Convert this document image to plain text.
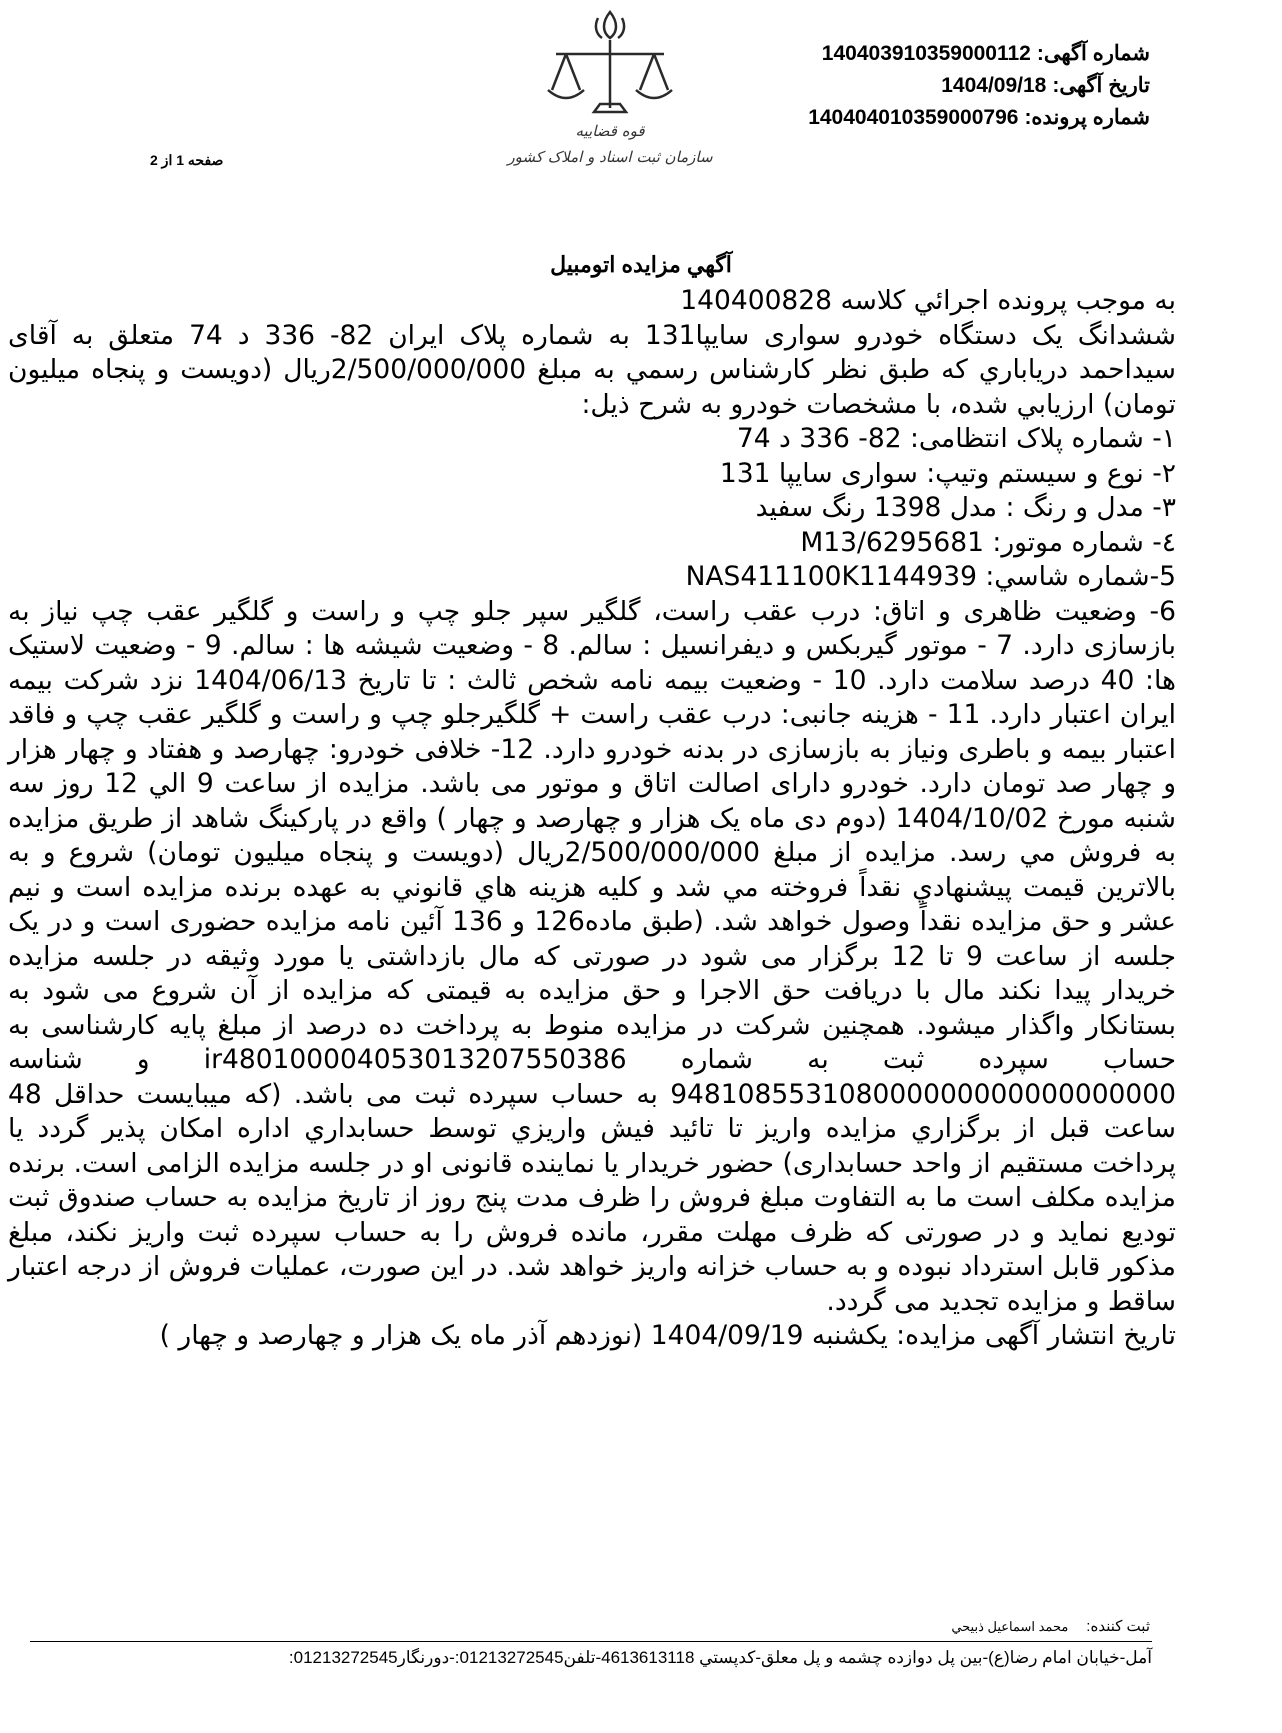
شماره آگهی:14040391035900011​2
تاریخ آگهی:1404/09/18
شماره پرونده:140404010359000796
صفحه 1 از 2
قوه قضاییه
سازمان ثبت اسناد و املاک کشور
آگهي مزايده اتومبيل

به موجب پرونده اجرائي كلاسه 140400828

ششدانگ یک دستگاه خودرو سواری سایپا131 به شماره پلاک ایران 82- 336 د 74 متعلق به آقای سیداحمد دریاباري كه طبق نظر كارشناس رسمي به مبلغ 2/500/000/000ریال (دویست و پنجاه میلیون تومان) ارزيابي شده، با مشخصات خودرو به شرح ذیل:

۱- شماره پلاک انتظامی: 82- 336 د 74

۲- نوع و سیستم وتیپ: سواری سایپا 131

۳- مدل و رنگ : مدل 1398 رنگ سفید

٤- شماره موتور: M13/6295681

5-شماره شاسي: NAS411100K1144939

6- وضعیت ظاهری و اتاق: درب عقب راست، گلگیر سپر جلو چپ و راست و گلگیر عقب چپ نیاز به بازسازی دارد. 7 - موتور گیربکس و دیفرانسیل : سالم. 8 - وضعیت شیشه ها : سالم. 9 - وضعیت لاستیک ها: 40 درصد سلامت دارد. 10 - وضعیت بیمه نامه شخص ثالث : تا تاریخ 1404/06/13 نزد شرکت بیمه ایران اعتبار دارد. 11 - هزینه جانبی: درب عقب راست + گلگیرجلو چپ و راست و گلگیر عقب چپ و فاقد اعتبار بیمه و باطری ونیاز به بازسازی در بدنه خودرو دارد. 12- خلافی خودرو: چهارصد و هفتاد و چهار هزار و چهار صد تومان دارد. خودرو دارای اصالت اتاق و موتور می باشد. مزایده از ساعت 9 الي 12 روز سه شنبه مورخ 1404/10/02 (دوم دی ماه یک هزار و چهارصد و چهار ) واقع در پارکینگ شاهد از طريق مزايده به فروش مي رسد. مزایده از مبلغ 2/500/000/000ریال (دویست و پنجاه میلیون تومان) شروع و به بالاترين قيمت پيشنهادي نقداً فروخته مي شد و كليه هزينه هاي قانوني به عهده برنده مزايده است و نیم عشر و حق مزایده نقداً وصول خواهد شد. (طبق ماده126 و 136 آئین نامه مزایده حضوری است و در یک جلسه از ساعت 9 تا 12 برگزار می شود در صورتی که مال بازداشتی یا مورد وثیقه در جلسه مزایده خریدار پیدا نکند مال با دریافت حق الاجرا و حق مزایده به قیمتی که مزایده از آن شروع می شود به بستانکار واگذار میشود. همچنین شرکت در مزایده منوط به پرداخت ده درصد از مبلغ پایه کارشناسی به حساب سپرده ثبت به شماره ir480100004053013207550386 و شناسه 948108553108000000000000000000 به حساب سپرده ثبت می باشد. (که میبایست حداقل 48 ساعت قبل از برگزاري مزايده واريز تا تائيد فيش واريزي توسط حسابداري اداره امكان پذير گردد يا پرداخت مستقیم از واحد حسابداری) حضور خریدار یا نماینده قانونی او در جلسه مزایده الزامی است. برنده مزایده مکلف است ما به التفاوت مبلغ فروش را ظرف مدت پنج روز از تاریخ مزایده به حساب صندوق ثبت تودیع نماید و در صورتی که ظرف مهلت مقرر، مانده فروش را به حساب سپرده ثبت واریز نکند، مبلغ مذکور قابل استرداد نبوده و به حساب خزانه واریز خواهد شد. در این صورت، عملیات فروش از درجه اعتبار ساقط و مزایده تجدید می گردد.

تاریخ انتشار آگهی مزایده: یکشنبه 1404/09/19 (نوزدهم آذر ماه یک هزار و چهارصد و چهار )

ثبت کننده:محمد اسماعیل ذبیحي
آمل-خيابان امام رضا(ع)-بين پل دوازده چشمه و پل معلق-كدپستي 4613613118-تلفن01213272545:-دورنگار01213272545:
